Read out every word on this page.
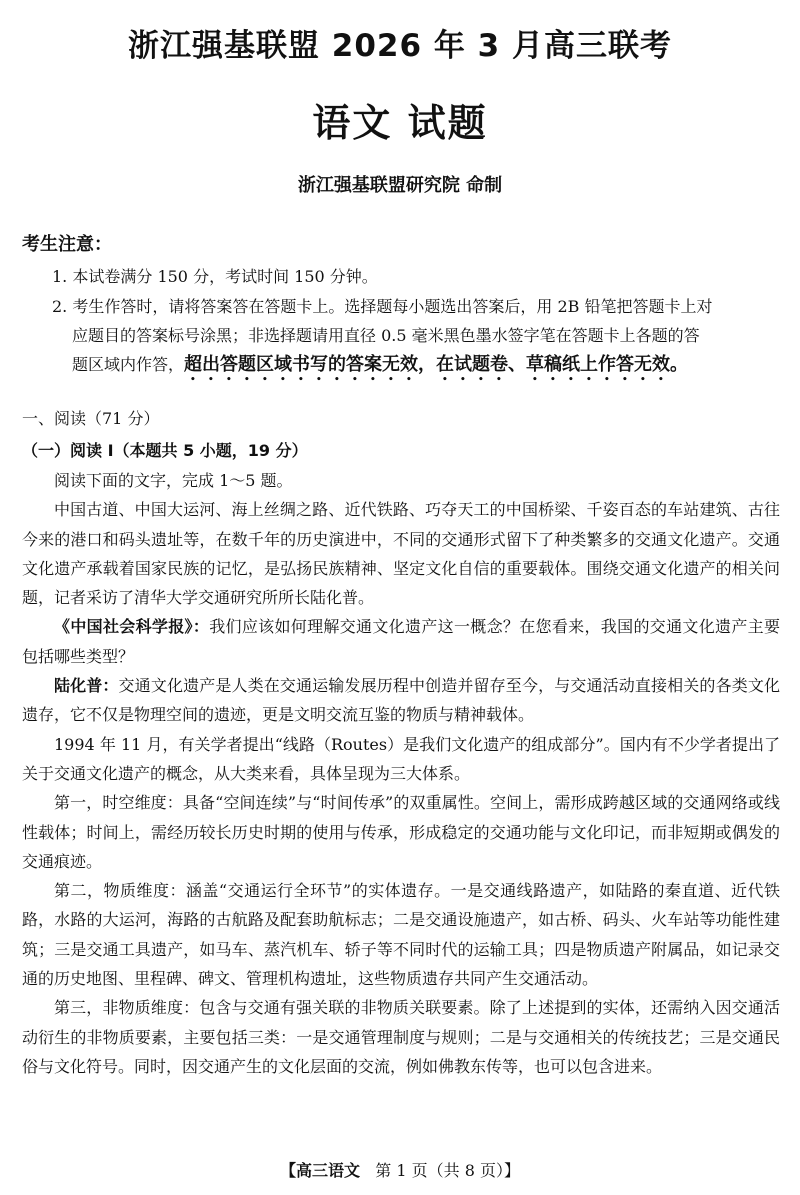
浙江强基联盟 2026 年 3 月高三联考
语文 试题
浙江强基联盟研究院 命制
考生注意：
1. 本试卷满分 150 分，考试时间 150 分钟。
2. 考生作答时，请将答案答在答题卡上。选择题每小题选出答案后，用 2B 铅笔把答题卡上对
应题目的答案标号涂黑；非选择题请用直径 0.5 毫米黑色墨水签字笔在答题卡上各题的答
题区域内作答，超出答题区域书写的答案无效，在试题卷、草稿纸上作答无效。
一、阅读（71 分）
（一）阅读 Ⅰ（本题共 5 小题，19 分）

阅读下面的文字，完成 1～5 题。

中国古道、中国大运河、海上丝绸之路、近代铁路、巧夺天工的中国桥梁、千姿百态的车站建筑、古往今来的港口和码头遗址等，在数千年的历史演进中，不同的交通形式留下了种类繁多的交通文化遗产。交通文化遗产承载着国家民族的记忆，是弘扬民族精神、坚定文化自信的重要载体。围绕交通文化遗产的相关问题，记者采访了清华大学交通研究所所长陆化普。

《中国社会科学报》：我们应该如何理解交通文化遗产这一概念？在您看来，我国的交通文化遗产主要包括哪些类型？

陆化普：交通文化遗产是人类在交通运输发展历程中创造并留存至今，与交通活动直接相关的各类文化遗存，它不仅是物理空间的遗迹，更是文明交流互鉴的物质与精神载体。

1994 年 11 月，有关学者提出“线路（Routes）是我们文化遗产的组成部分”。国内有不少学者提出了关于交通文化遗产的概念，从大类来看，具体呈现为三大体系。

第一，时空维度：具备“空间连续”与“时间传承”的双重属性。空间上，需形成跨越区域的交通网络或线性载体；时间上，需经历较长历史时期的使用与传承，形成稳定的交通功能与文化印记，而非短期或偶发的交通痕迹。

第二，物质维度：涵盖“交通运行全环节”的实体遗存。一是交通线路遗产，如陆路的秦直道、近代铁路，水路的大运河，海路的古航路及配套助航标志；二是交通设施遗产，如古桥、码头、火车站等功能性建筑；三是交通工具遗产，如马车、蒸汽机车、轿子等不同时代的运输工具；四是物质遗产附属品，如记录交通的历史地图、里程碑、碑文、管理机构遗址，这些物质遗存共同产生交通活动。

第三，非物质维度：包含与交通有强关联的非物质关联要素。除了上述提到的实体，还需纳入因交通活动衍生的非物质要素，主要包括三类：一是交通管理制度与规则；二是与交通相关的传统技艺；三是交通民俗与文化符号。同时，因交通产生的文化层面的交流，例如佛教东传等，也可以包含进来。

【高三语文 第 1 页（共 8 页）】
